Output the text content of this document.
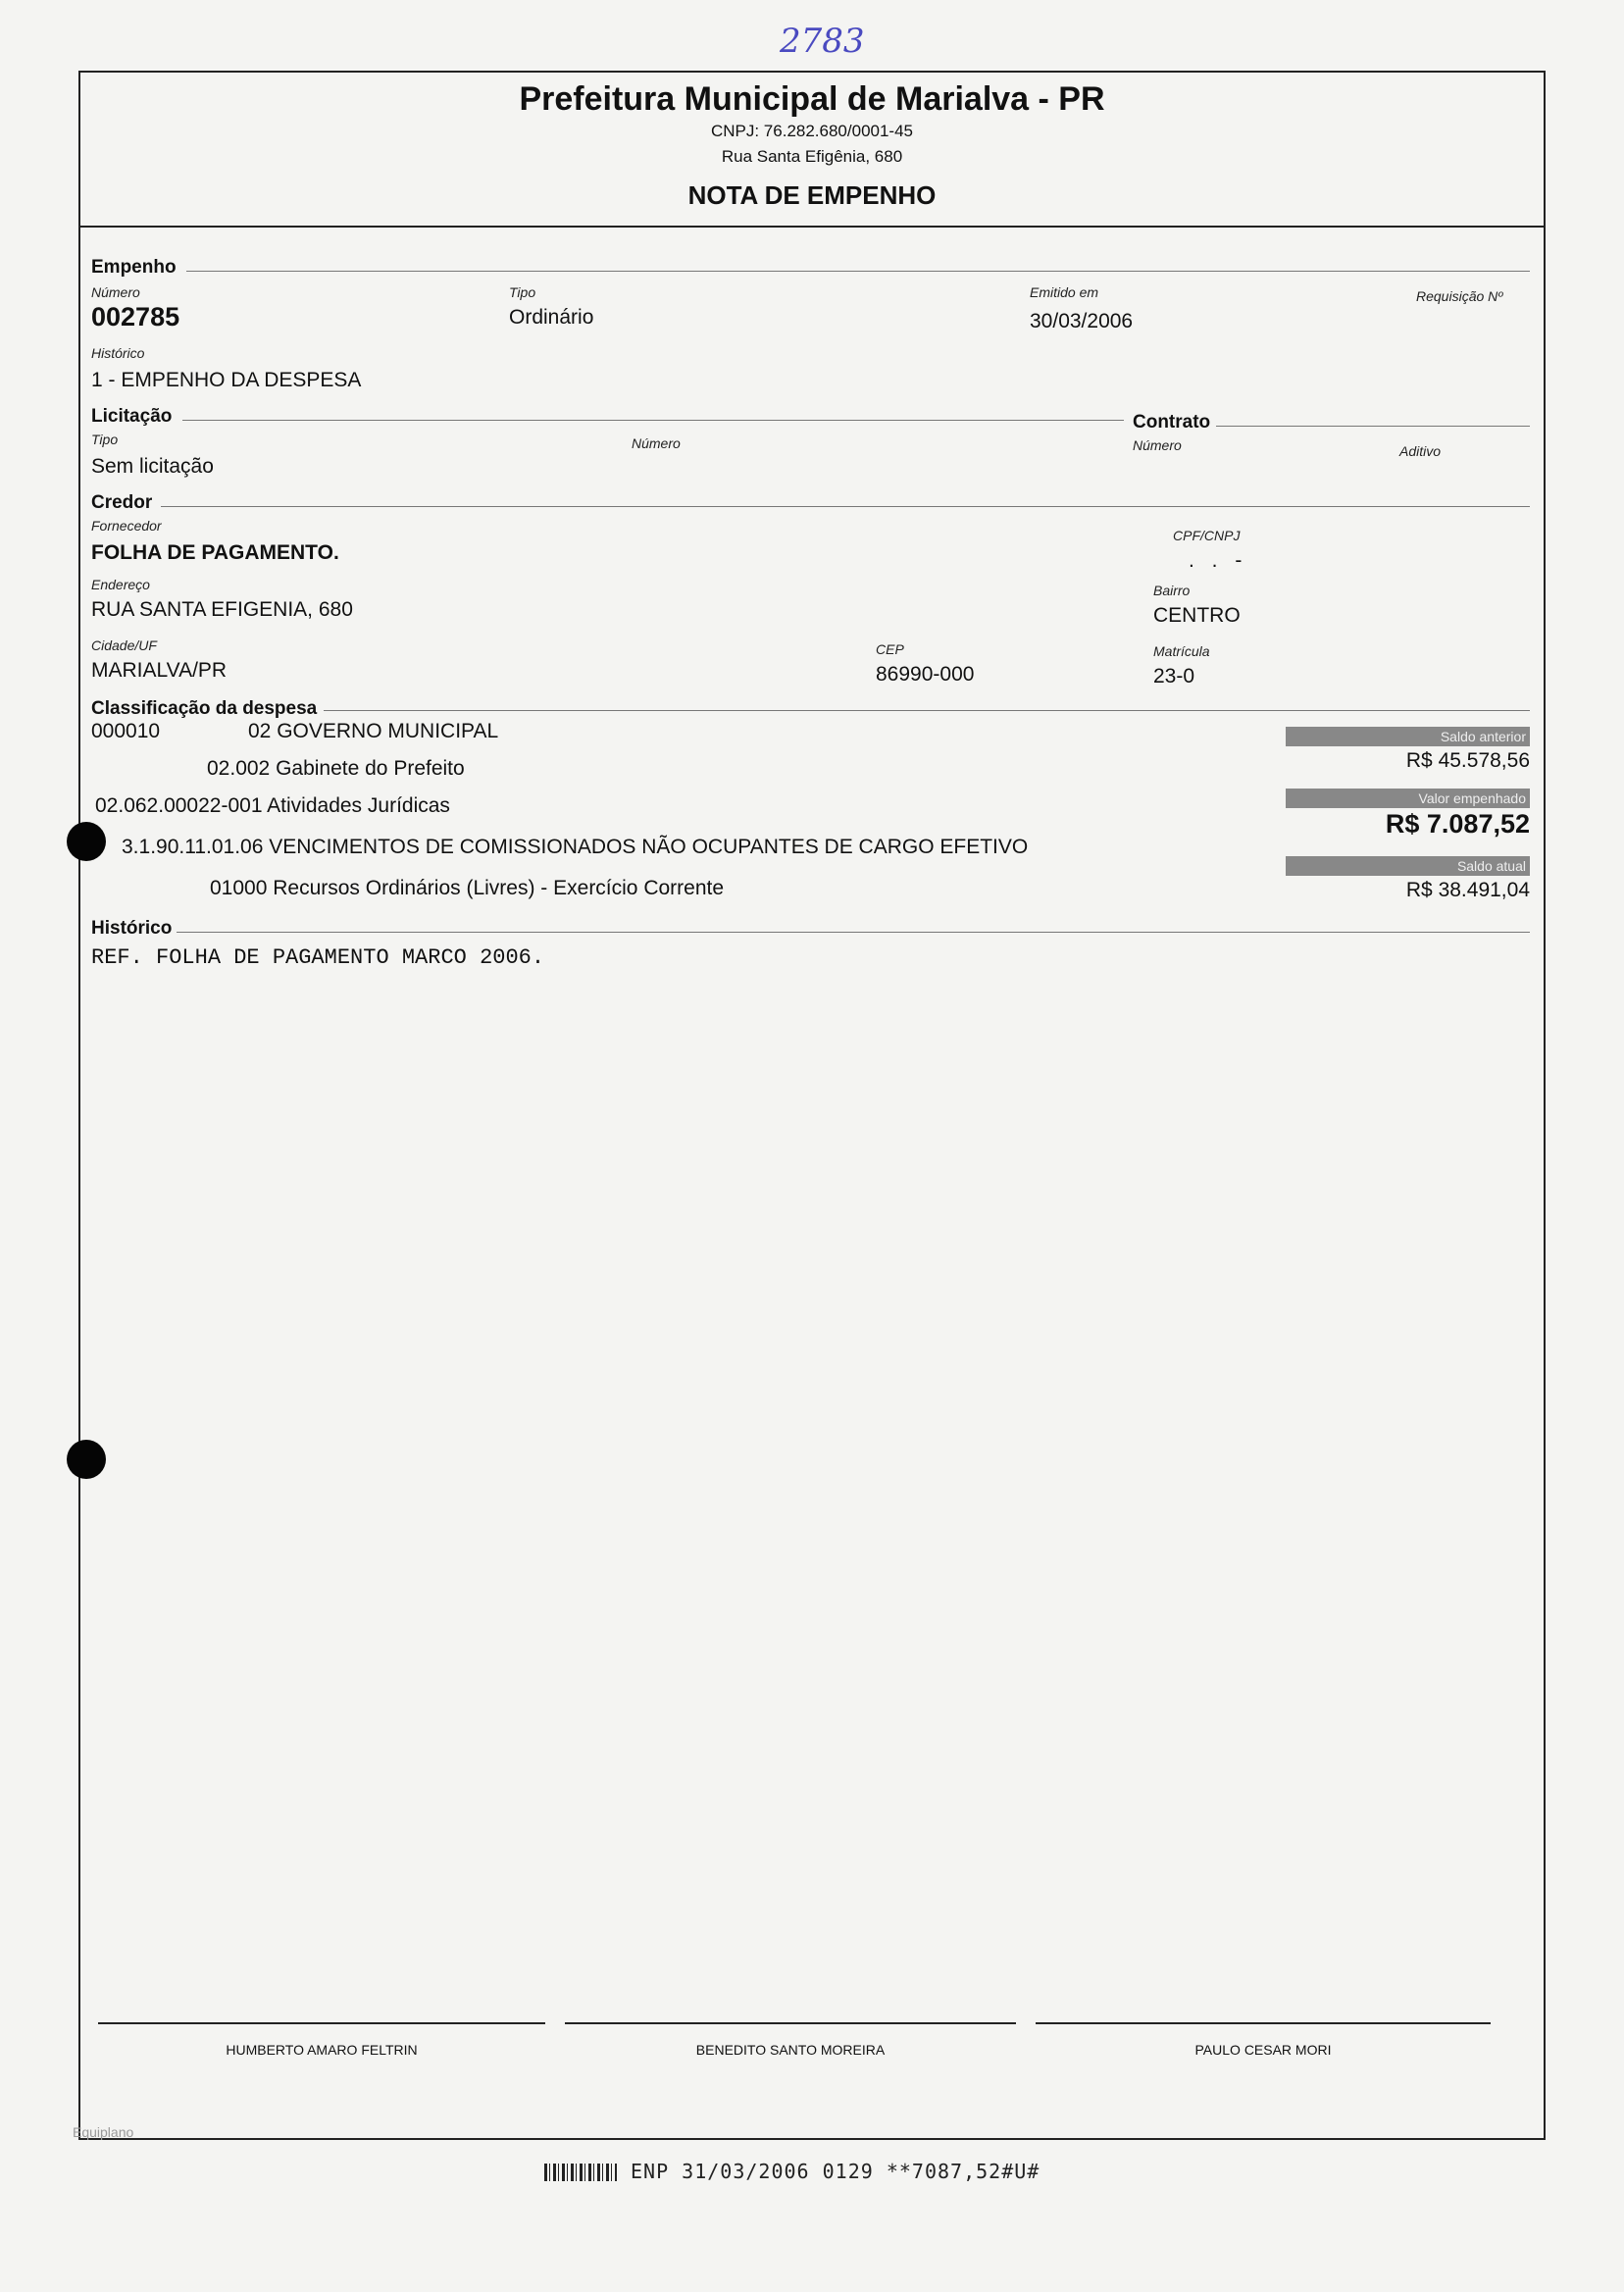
2783
Prefeitura Municipal de Marialva - PR
CNPJ: 76.282.680/0001-45
Rua Santa Efigênia, 680
NOTA DE EMPENHO
Empenho
Número
002785
Tipo
Ordinário
Emitido em
30/03/2006
Requisição Nº
Histórico
1 - EMPENHO DA DESPESA
Licitação
Tipo
Sem licitação
Número
Contrato
Número	Aditivo
Credor
Fornecedor
FOLHA DE PAGAMENTO.
CPF/CNPJ
. . -
Endereço
RUA SANTA EFIGENIA, 680
Bairro
CENTRO
Cidade/UF
MARIALVA/PR
CEP
86990-000
Matrícula
23-0
Classificação da despesa
000010	02 GOVERNO MUNICIPAL
02.002 Gabinete do Prefeito
02.062.00022-001 Atividades Jurídicas
3.1.90.11.01.06 VENCIMENTOS DE COMISSIONADOS NÃO OCUPANTES DE CARGO EFETIVO
01000 Recursos Ordinários (Livres) - Exercício Corrente
Saldo anterior
R$ 45.578,56
Valor empenhado
R$ 7.087,52
Saldo atual
R$ 38.491,04
Histórico
REF. FOLHA DE PAGAMENTO MARCO 2006.
HUMBERTO AMARO FELTRIN	BENEDITO SANTO MOREIRA	PAULO CESAR MORI
Equiplano
ENP 31/03/2006 0129 **7087,52#U#
